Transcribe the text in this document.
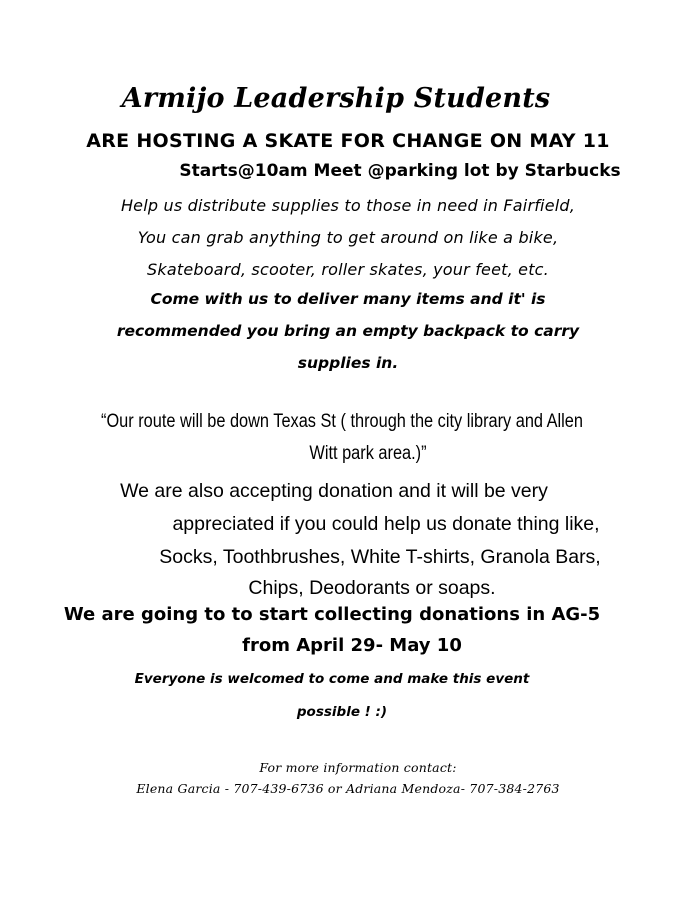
Armijo Leadership Students
ARE HOSTING A SKATE FOR CHANGE ON MAY 11
Starts@10am Meet @parking lot by Starbucks
Help us distribute supplies to those in need in Fairfield,
You can grab anything to get around on like a bike,
Skateboard, scooter, roller skates, your feet, etc.
Come with us to deliver many items and it' is
recommended you bring an empty backpack to carry
supplies in.
“Our route will be down Texas St ( through the city library and Allen
Witt park area.)”
We are also accepting donation and it will be very
appreciated if you could help us donate thing like,
Socks, Toothbrushes, White T-shirts, Granola Bars,
Chips, Deodorants or soaps.
We are going to to start collecting donations in AG-5
from April 29- May 10
Everyone is welcomed to come and make this event
possible ! :)
For more information contact:
Elena Garcia - 707-439-6736 or Adriana Mendoza- 707-384-2763
